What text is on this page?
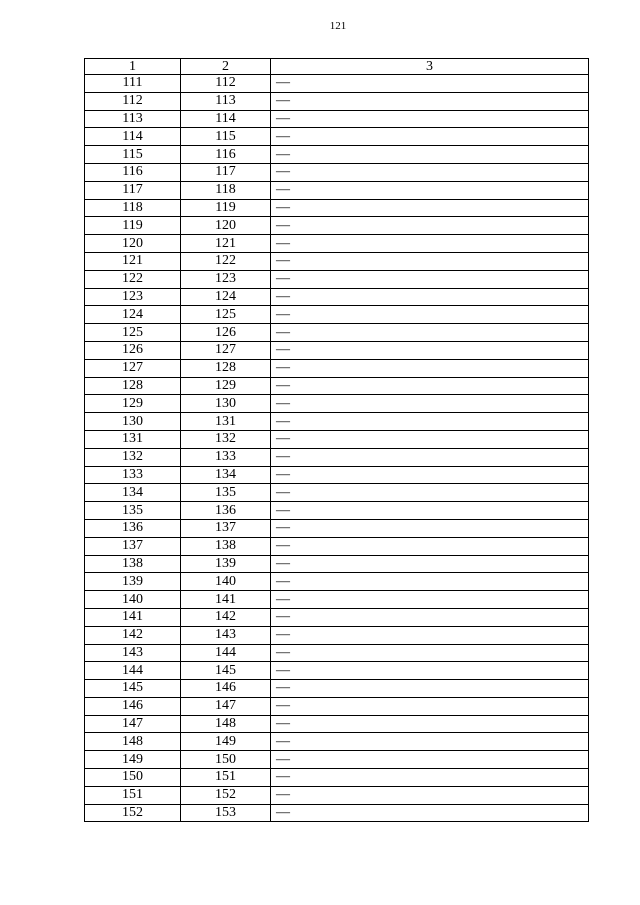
121
1	2	3
111	112	—
112	113	—
113	114	—
114	115	—
115	116	—
116	117	—
117	118	—
118	119	—
119	120	—
120	121	—
121	122	—
122	123	—
123	124	—
124	125	—
125	126	—
126	127	—
127	128	—
128	129	—
129	130	—
130	131	—
131	132	—
132	133	—
133	134	—
134	135	—
135	136	—
136	137	—
137	138	—
138	139	—
139	140	—
140	141	—
141	142	—
142	143	—
143	144	—
144	145	—
145	146	—
146	147	—
147	148	—
148	149	—
149	150	—
150	151	—
151	152	—
152	153	—
